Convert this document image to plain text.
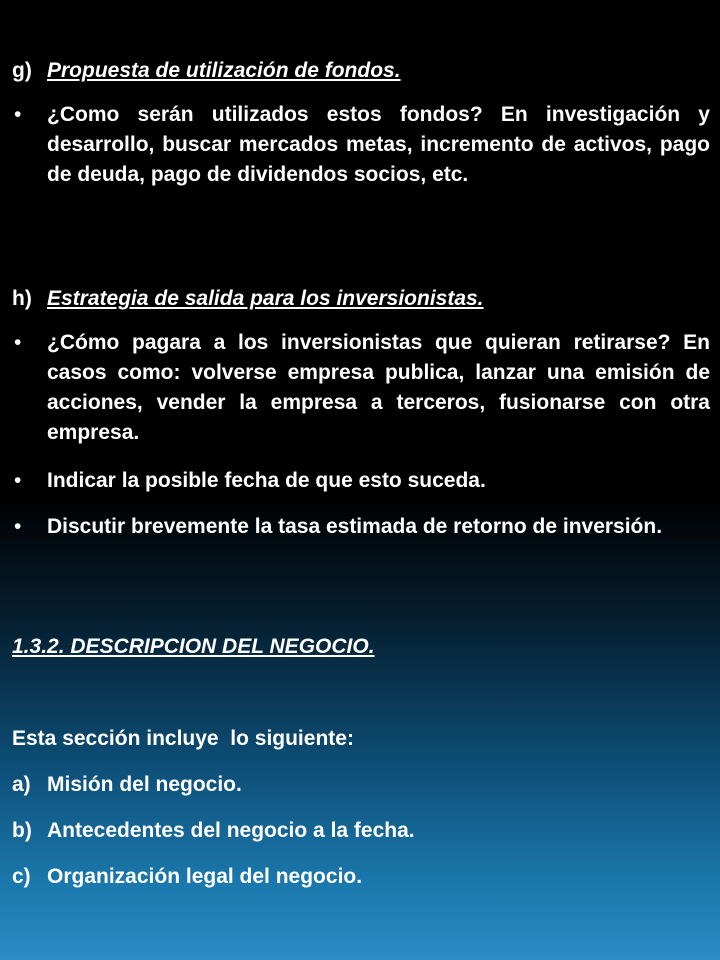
g) Propuesta de utilización de fondos.
•	¿Como serán utilizados estos fondos? En investigación y desarrollo, buscar mercados metas, incremento de activos, pago de deuda, pago de dividendos socios, etc.
h) Estrategia de salida para los inversionistas.
•	¿Cómo pagara a los inversionistas que quieran retirarse? En casos como: volverse empresa publica, lanzar una emisión de acciones, vender la empresa a terceros, fusionarse con otra empresa.
•	Indicar la posible fecha de que esto suceda.
•	Discutir brevemente la tasa estimada de retorno de inversión.
1.3.2. DESCRIPCION DEL NEGOCIO.
Esta sección incluye  lo siguiente:
a) Misión del negocio.
b) Antecedentes del negocio a la fecha.
c) Organización legal del negocio.
